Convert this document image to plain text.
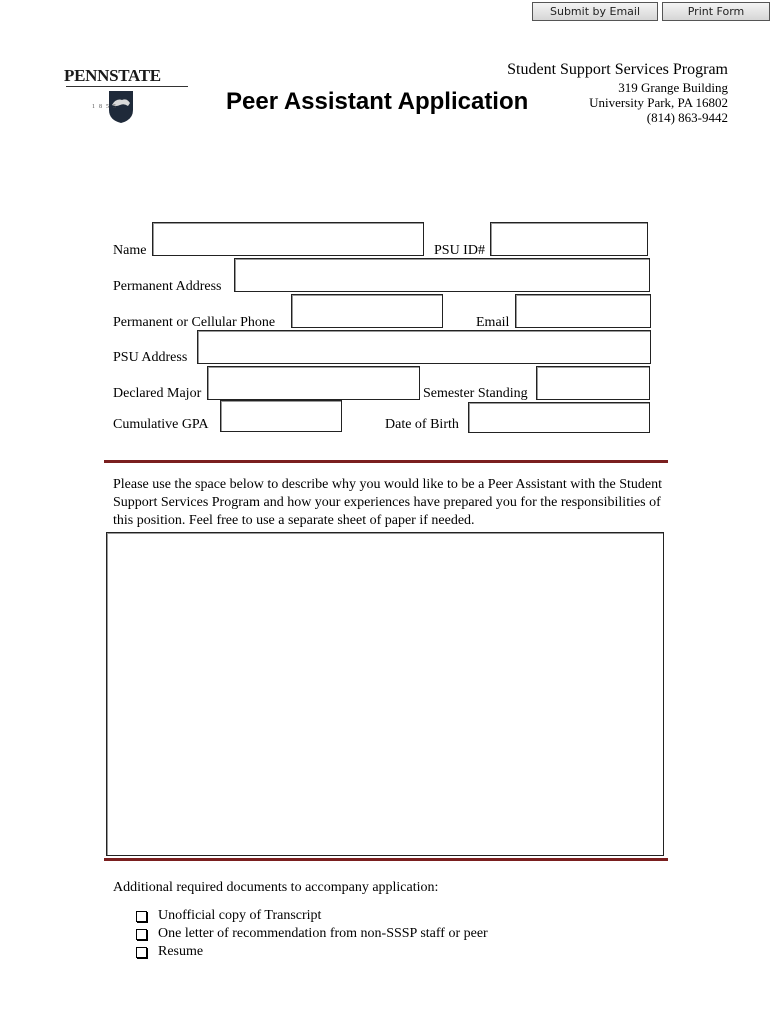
Submit by Email	Print Form
PENNSTATE
1855	Peer Assistant Application
Student Support Services Program
319 Grange Building
University Park, PA 16802
(814) 863-9442
Name	PSU ID#
Permanent Address
Permanent or Cellular Phone	Email
PSU Address
Declared Major	Semester Standing
Cumulative GPA	Date of Birth
Please use the space below to describe why you would like to be a Peer Assistant with the Student Support Services Program and how your experiences have prepared you for the responsibilities of this position. Feel free to use a separate sheet of paper if needed.
Additional required documents to accompany application:
Unofficial copy of Transcript
One letter of recommendation from non-SSSP staff or peer
Resume
